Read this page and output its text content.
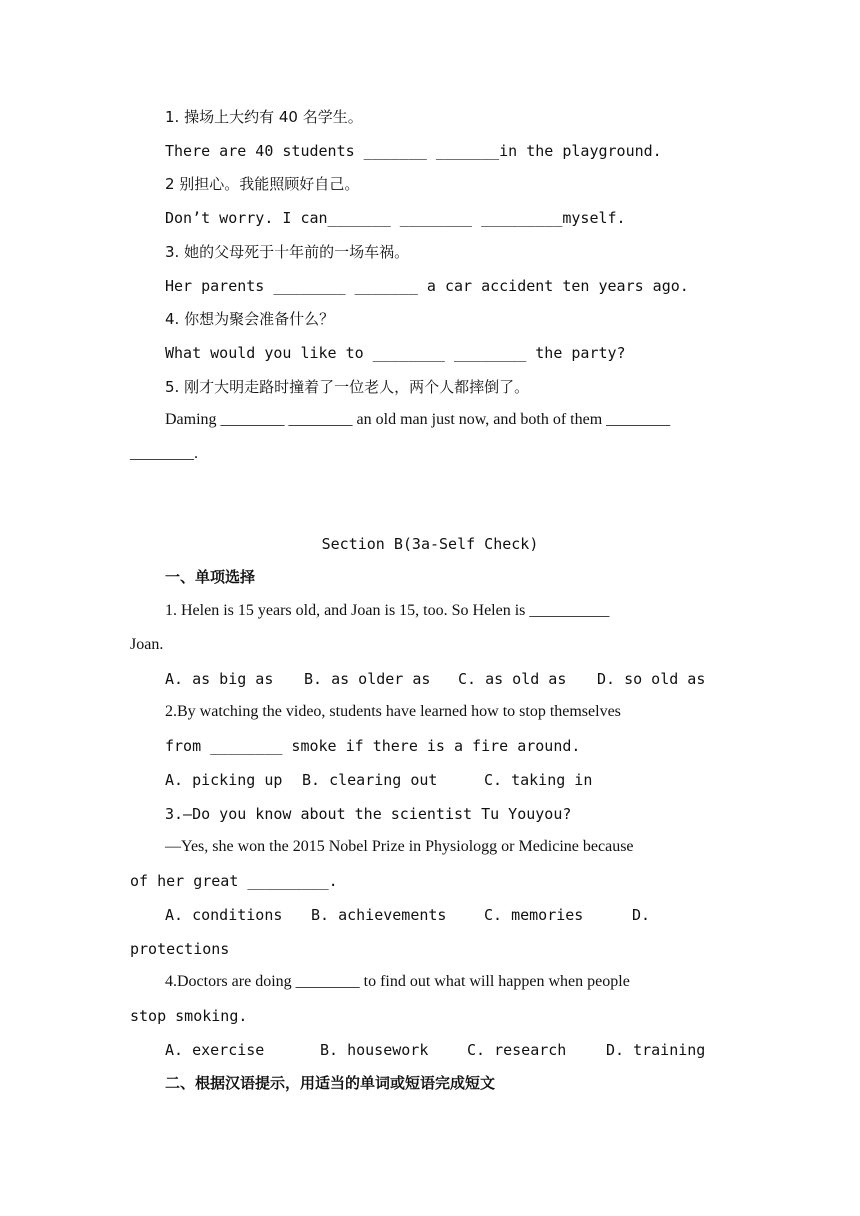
1. 操场上大约有 40 名学生。
There are 40 students _______ _______in the playground.
2 别担心。我能照顾好自己。
Don’t worry. I can_______ ________ _________myself.
3. 她的父母死于十年前的一场车祸。
Her parents ________ _______ a car accident ten years ago.
4. 你想为聚会准备什么？
What would you like to ________ ________ the party?
5. 刚才大明走路时撞着了一位老人，两个人都摔倒了。
Daming ________ ________ an old man just now, and both of them ________
________.
Section B(3a-Self Check)
一、单项选择
1. Helen is 15 years old, and Joan is 15, too. So Helen is __________
Joan.
A. as big as B. as older as C. as old as D. so old as
2.By watching the video, students have learned how to stop themselves
from ________ smoke if there is a fire around.
A. picking up B. clearing out	C. taking in
3.—Do you know about the scientist Tu Youyou?
—Yes, she won the 2015 Nobel Prize in Physiologg or Medicine because
of her great _________.
A. conditions B. achievements	C. memories	D.
protections
4.Doctors are doing ________ to find out what will happen when people
stop smoking.
A. exercise	B. housework	C. research	D. training
二、根据汉语提示，用适当的单词或短语完成短文
